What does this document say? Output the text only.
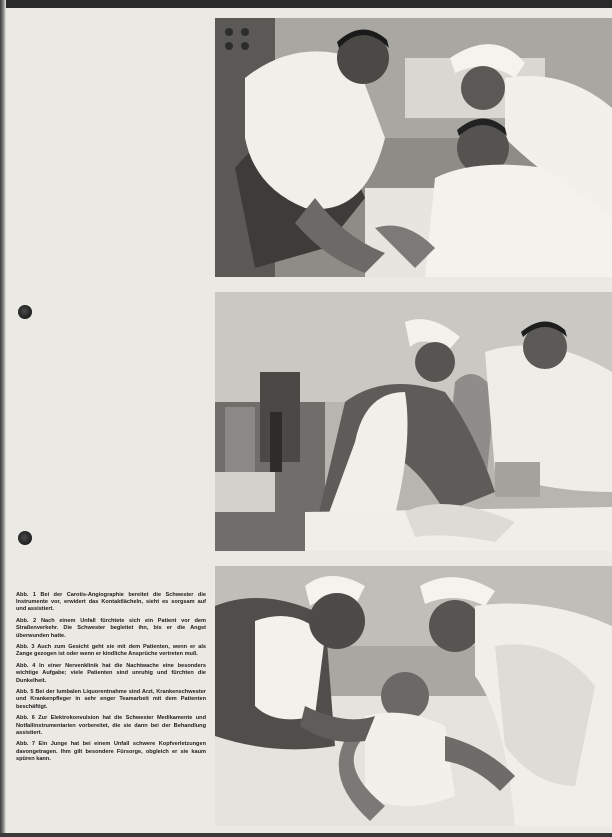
Abb. 1 Bei der Carotis-Angiographie bereitet die Schwester die Instrumente vor, erwidert das Kontaktlächeln, sieht es sorgsam auf und assistiert.

Abb. 2 Nach einem Unfall fürchtete sich ein Patient vor dem Straßenverkehr. Die Schwester begleitet ihn, bis er die Angst überwunden hatte.

Abb. 3 Auch zum Gesicht geht sie mit dem Patienten, wenn er als Zange gezogen ist oder wenn er kindliche Ansprüche vertreten muß.

Abb. 4 In einer Nervenklinik hat die Nachtwache eine besonders wichtige Aufgabe; viele Patienten sind unruhig und fürchten die Dunkelheit.

Abb. 5 Bei der lumbalen Liquorentnahme sind Arzt, Krankenschwester und Krankenpfleger in sehr enger Teamarbeit mit dem Patienten beschäftigt.

Abb. 6 Zur Elektrokonvulsion hat die Schwester Medikamente und Notfallinstrumentarien vorbereitet, die sie dann bei der Behandlung assistiert.

Abb. 7 Ein Junge hat bei einem Unfall schwere Kopfverletzungen davongetragen. Ihm gilt besondere Fürsorge, obgleich er sie kaum spüren kann.
